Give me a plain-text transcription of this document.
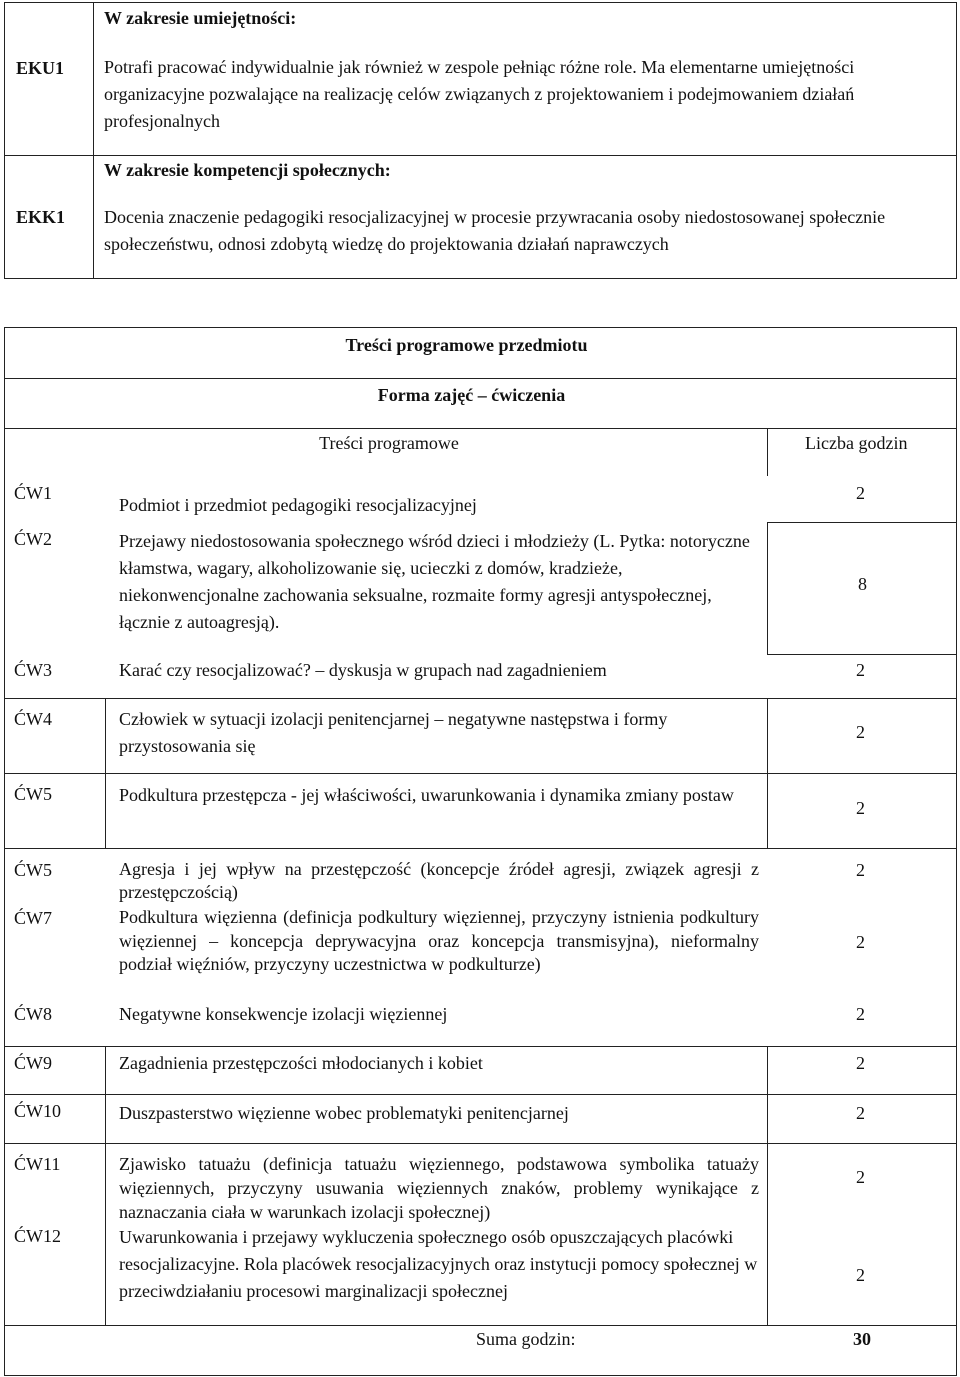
W zakresie umiejętności:
EKU1 Potrafi pracować indywidualnie jak również w zespole pełniąc różne role. Ma elementarne umiejętności organizacyjne pozwalające na realizację celów związanych z projektowaniem i podejmowaniem działań profesjonalnych
W zakresie kompetencji społecznych:
EKK1 Docenia znaczenie pedagogiki resocjalizacyjnej w procesie przywracania osoby niedostosowanej społecznie społeczeństwu, odnosi zdobytą wiedzę do projektowania działań naprawczych
Treści programowe przedmiotu
Forma zajęć – ćwiczenia
Treści programowe	Liczba godzin
ĆW1
Podmiot i przedmiot pedagogiki resocjalizacyjnej
2
ĆW2	Przejawy niedostosowania społecznego wśród dzieci i młodzieży (L. Pytka: notoryczne kłamstwa, wagary, alkoholizowanie się, ucieczki z domów, kradzieże, niekonwencjonalne zachowania seksualne, rozmaite formy agresji antyspołecznej, łącznie z autoagresją).
8
ĆW3	Karać czy resocjalizować? – dyskusja w grupach nad zagadnieniem	2
ĆW4	Człowiek w sytuacji izolacji penitencjarnej – negatywne następstwa i formy przystosowania się
2
ĆW5	Podkultura przestępcza - jej właściwości, uwarunkowania i dynamika zmiany postaw
2
ĆW5	Agresja i jej wpływ na przestępczość (koncepcje źródeł agresji, związek agresji z przestępczością)
2
ĆW7	Podkultura więzienna (definicja podkultury więziennej, przyczyny istnienia podkultury więziennej – koncepcja deprywacyjna oraz koncepcja transmisyjna), nieformalny podział więźniów, przyczyny uczestnictwa w podkulturze)
2
ĆW8	Negatywne konsekwencje izolacji więziennej	2
ĆW9	Zagadnienia przestępczości młodocianych i kobiet	2
ĆW10	Duszpasterstwo więzienne wobec problematyki penitencjarnej	2
ĆW11	Zjawisko tatuażu (definicja tatuażu więziennego, podstawowa symbolika tatuaży więziennych, przyczyny usuwania więziennych znaków, problemy wynikające z naznaczania ciała w warunkach izolacji społecznej)
2
ĆW12	Uwarunkowania i przejawy wykluczenia społecznego osób opuszczających placówki resocjalizacyjne. Rola placówek resocjalizacyjnych oraz instytucji pomocy społecznej w przeciwdziałaniu procesowi marginalizacji społecznej
2
Suma godzin:	30
